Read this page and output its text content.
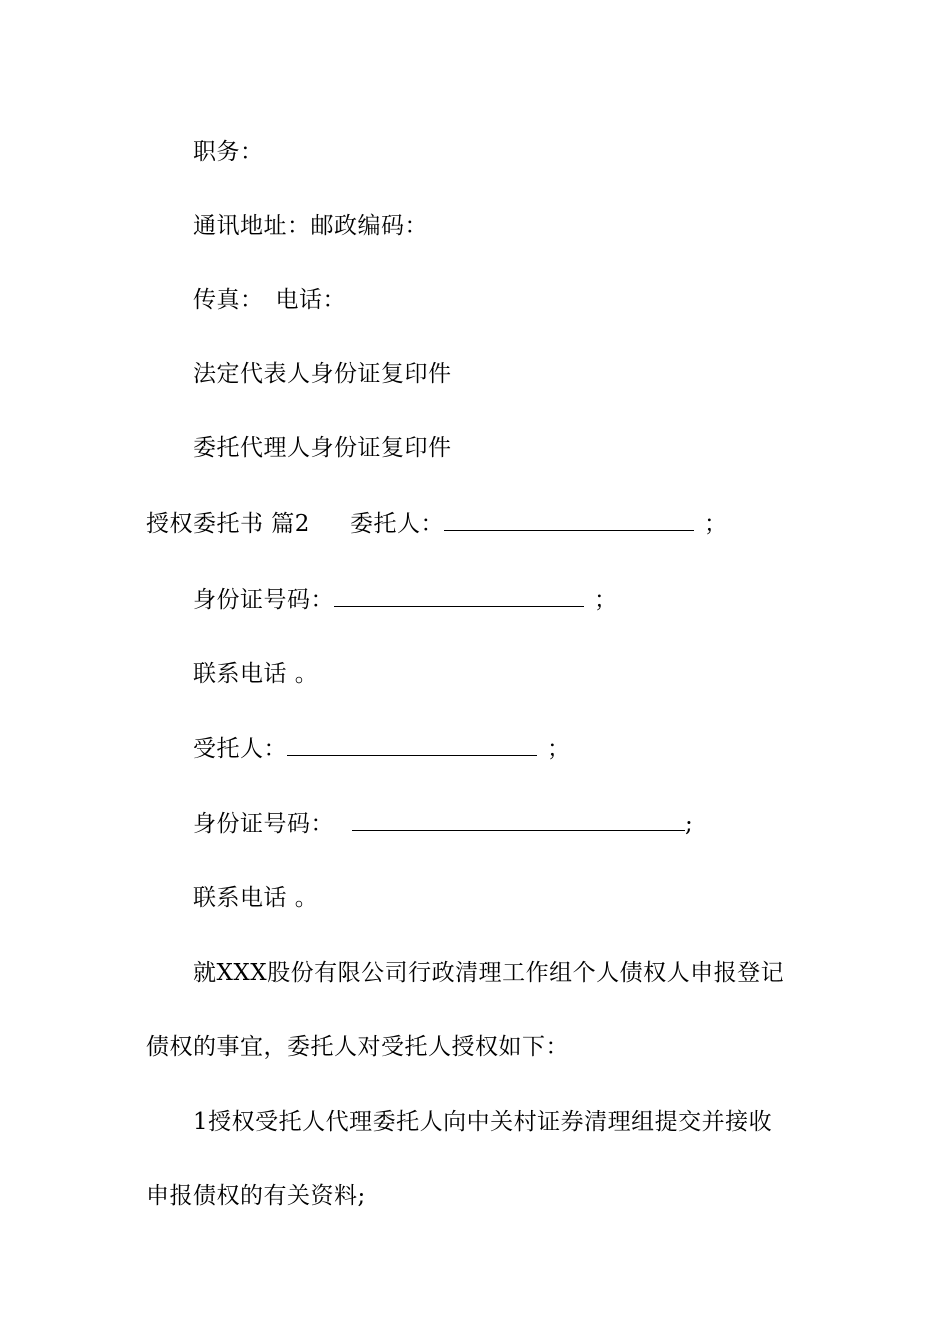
职务：
通讯地址：邮政编码：
传真： 电话：
法定代表人身份证复印件
委托代理人身份证复印件
授权委托书 篇2 委托人：	；
身份证号码：	；
联系电话 。
受托人：	；
身份证号码：	;
联系电话 。
就XXX股份有限公司行政清理工作组个人债权人申报登记
债权的事宜，委托人对受托人授权如下：
1授权受托人代理委托人向中关村证券清理组提交并接收
申报债权的有关资料;
